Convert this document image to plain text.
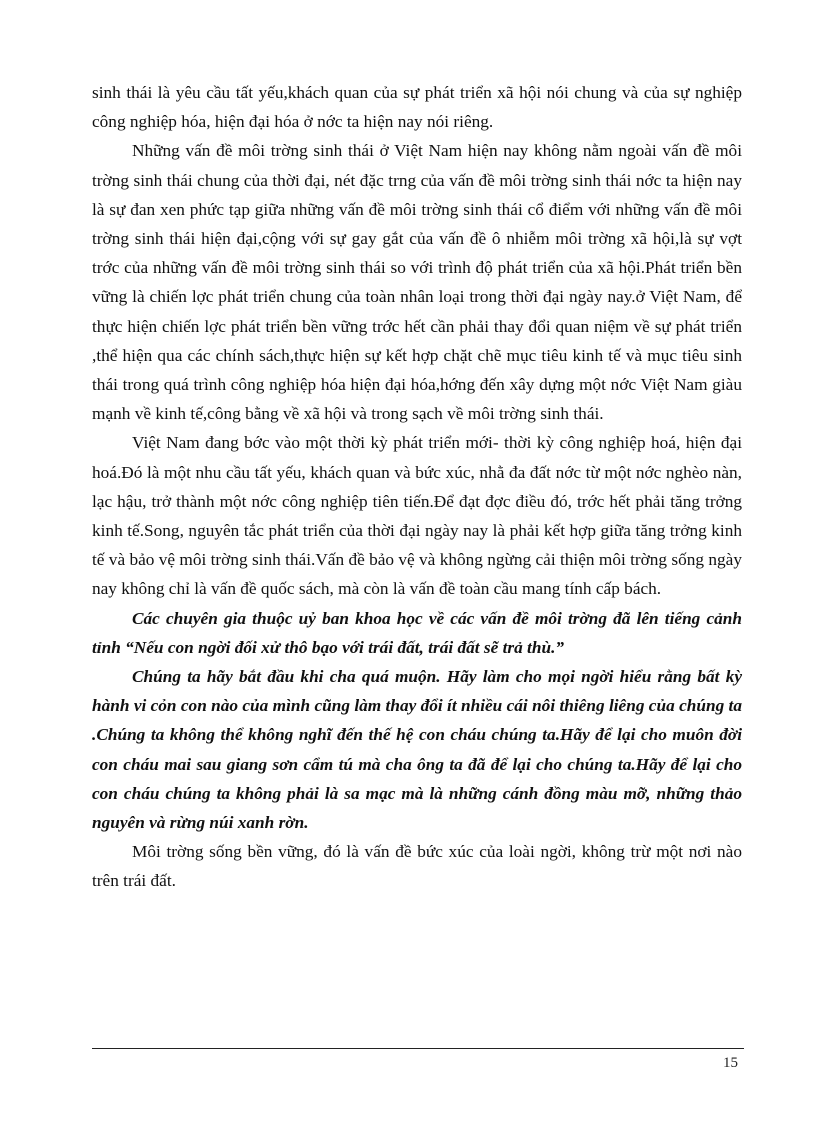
sinh thái là yêu cầu tất yếu,khách quan của sự phát triển xã hội nói chung và của sự nghiệp công nghiệp hóa, hiện đại hóa ở nớc ta hiện nay nói riêng.

Những vấn đề môi trờng sinh thái ở Việt Nam hiện nay không nằm ngoài vấn đề môi trờng sinh thái chung của thời đại, nét đặc trng của vấn đề môi trờng sinh thái nớc ta hiện nay là sự đan xen phức tạp giữa những vấn đề môi trờng sinh thái cổ điểm với những vấn đề môi trờng sinh thái hiện đại,cộng với sự gay gắt của vấn đề ô nhiễm môi trờng xã hội,là sự vợt trớc của những vấn đề môi trờng sinh thái so với trình độ phát triển của xã hội.Phát triển bền vững là chiến lợc phát triển chung của toàn nhân loại trong thời đại ngày nay.ở Việt Nam, để thực hiện chiến lợc phát triển bền vững trớc hết cần phải thay đổi quan niệm về sự phát triển ,thể hiện qua các chính sách,thực hiện sự kết hợp chặt chẽ mục tiêu kinh tế và mục tiêu sinh thái trong quá trình công nghiệp hóa hiện đại hóa,hớng đến xây dựng một nớc Việt Nam giàu mạnh về kinh tế,công bằng về xã hội và trong sạch về môi trờng sinh thái.

Việt Nam đang bớc vào một thời kỳ phát triển mới- thời kỳ công nghiệp hoá, hiện đại hoá.Đó là một nhu cầu tất yếu, khách quan và bức xúc, nhằ đa đất nớc từ một nớc nghèo nàn, lạc hậu, trở thành một nớc công nghiệp tiên tiến.Để đạt đợc điều đó, trớc hết phải tăng trởng kinh tế.Song, nguyên tắc phát triển của thời đại ngày nay là phải kết hợp giữa tăng trởng kinh tế và bảo vệ môi trờng sinh thái.Vấn đề bảo vệ và không ngừng cải thiện môi trờng sống ngày nay không chỉ là vấn đề quốc sách, mà còn là vấn đề toàn cầu mang tính cấp bách.

Các chuyên gia thuộc uỷ ban khoa học về các vấn đề môi trờng đã lên tiếng cảnh tỉnh “Nếu con ngời đối xử thô bạo với trái đất, trái đất sẽ trả thù.”

Chúng ta hãy bắt đầu khi cha quá muộn. Hãy làm cho mọi ngời hiểu rằng bất kỳ hành vi cỏn con nào của mình cũng làm thay đổi ít nhiều cái nôi thiêng liêng của chúng ta .Chúng ta không thể không nghĩ đến thế hệ con cháu chúng ta.Hãy để lại cho muôn đời con cháu mai sau giang sơn cẩm tú mà cha ông ta đã để lại cho chúng ta.Hãy để lại cho con cháu chúng ta không phải là sa mạc mà là những cánh đồng màu mỡ, những thảo nguyên và rừng núi xanh rờn.

Môi trờng sống bền vững, đó là vấn đề bức xúc của loài ngời, không trừ một nơi nào trên trái đất.

15
